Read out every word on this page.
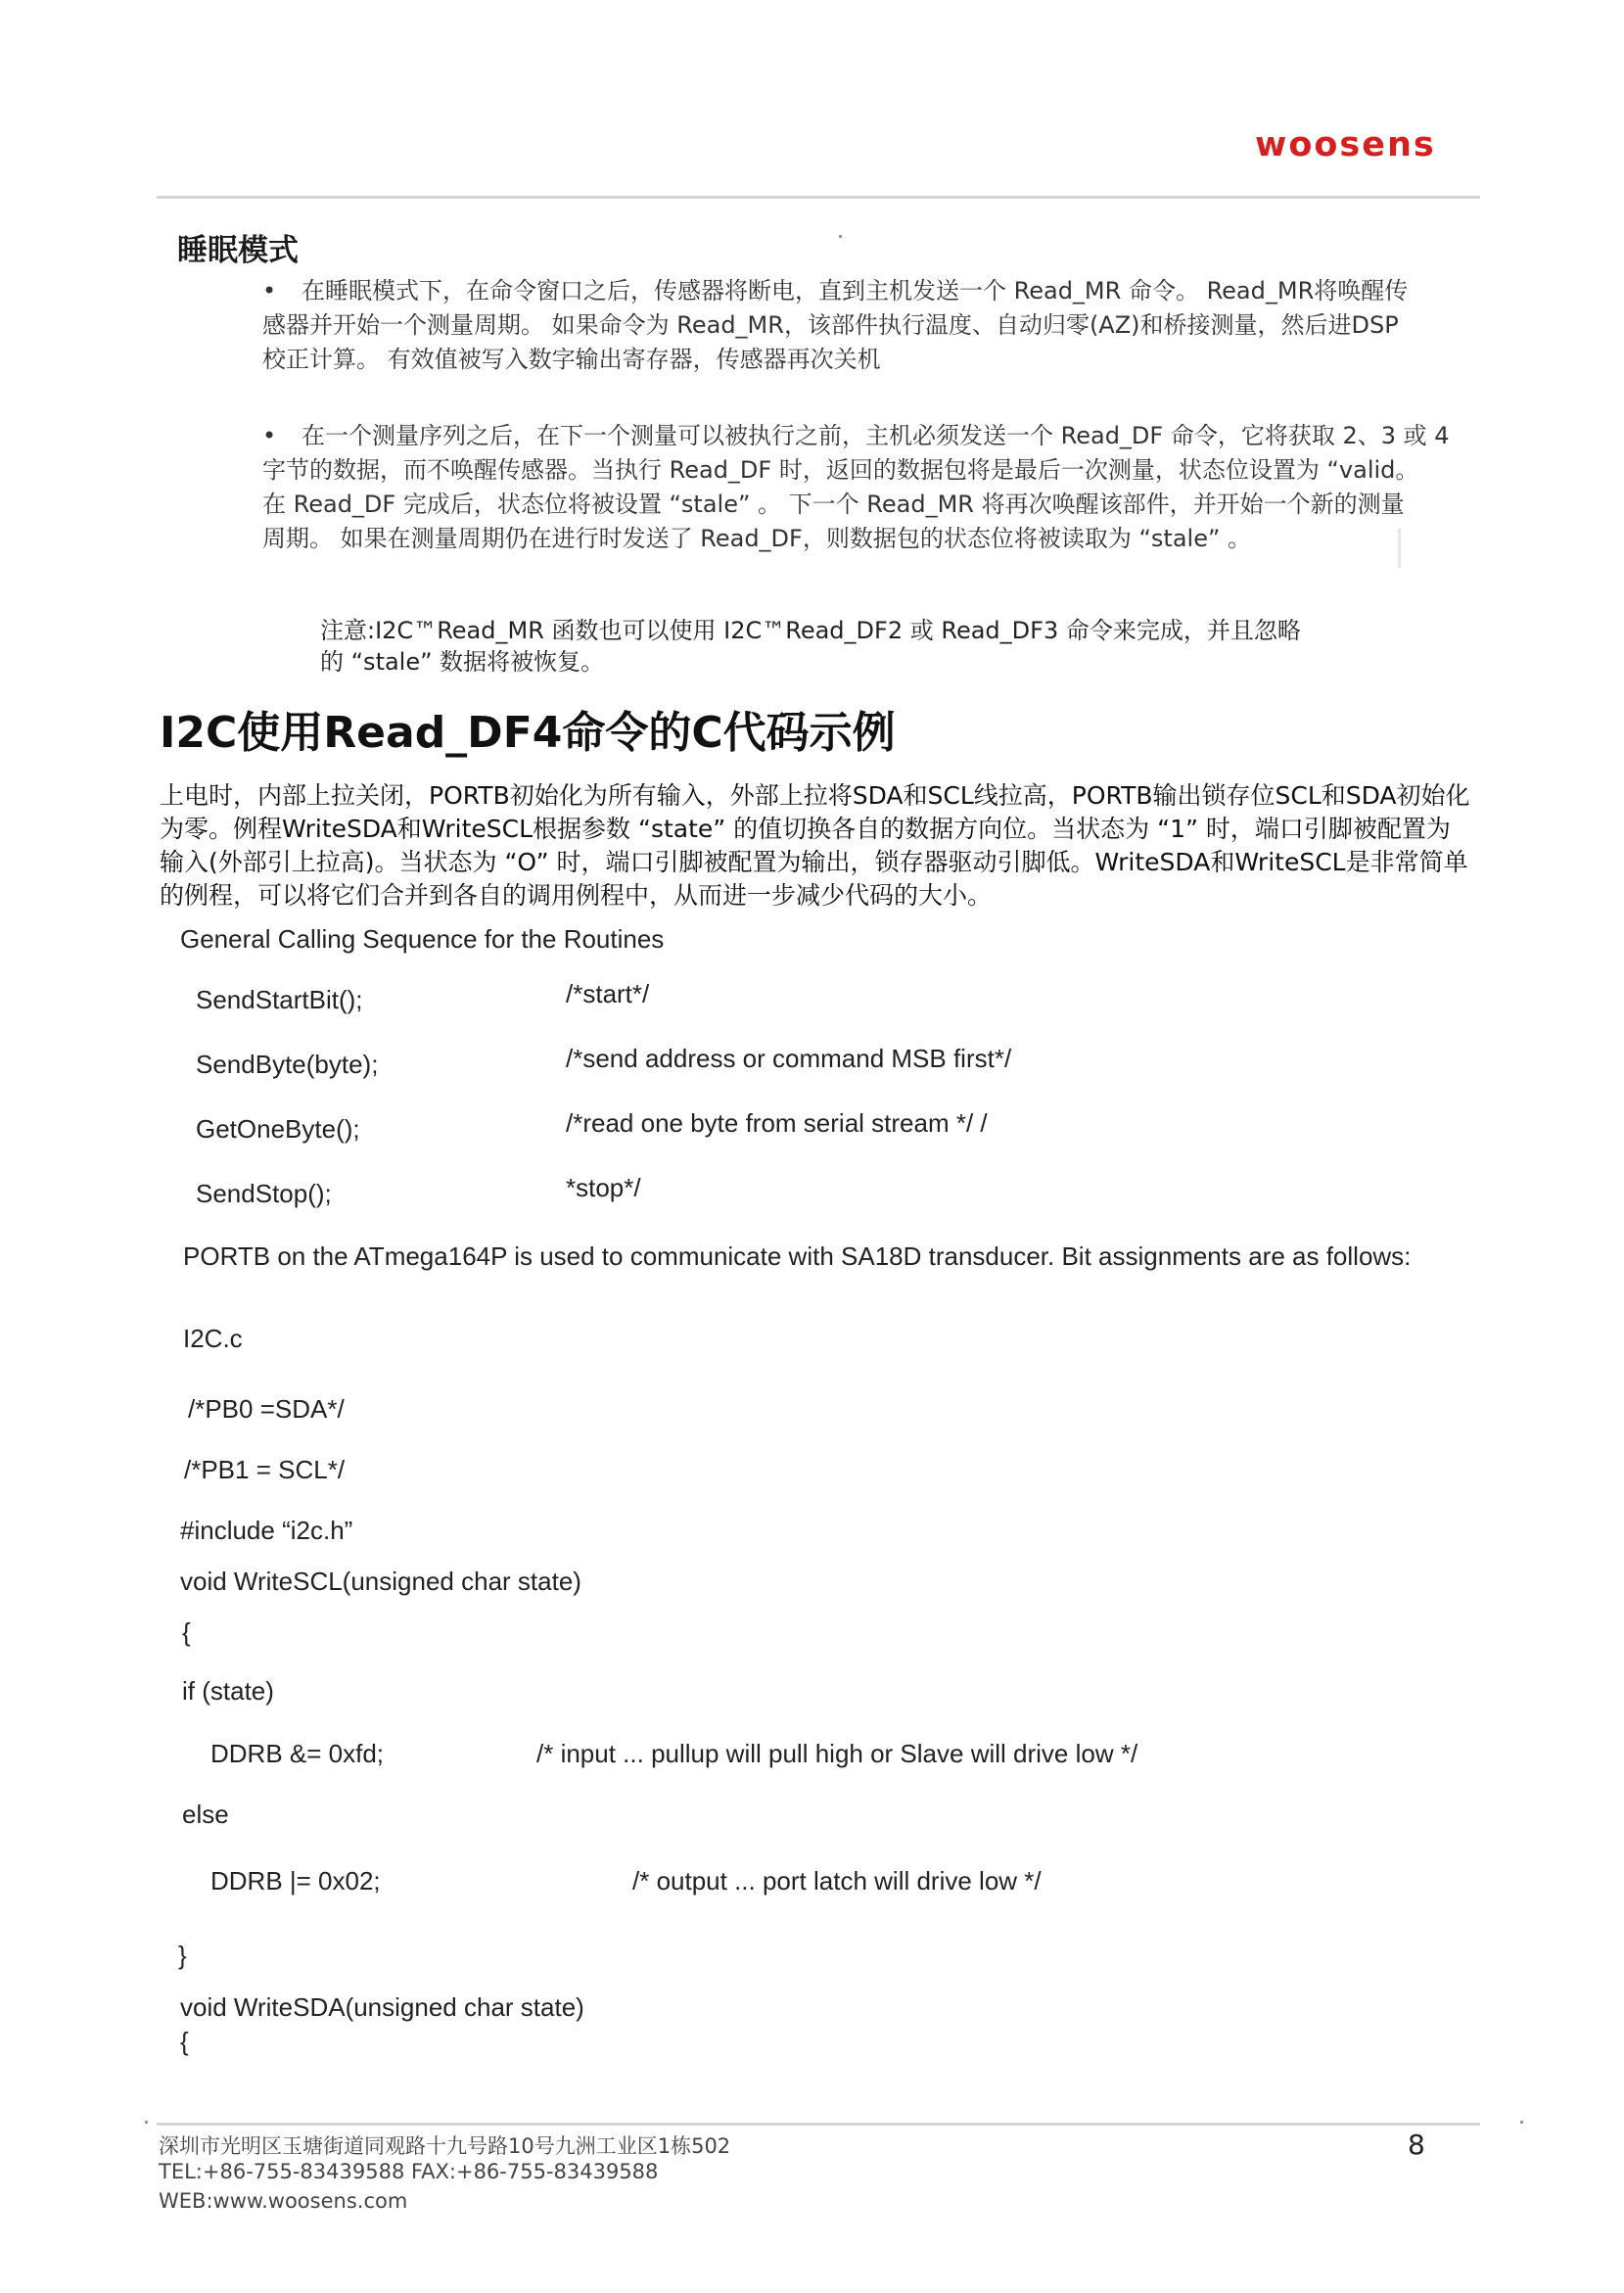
woosens
睡眠模式
• 在睡眠模式下，在命令窗口之后，传感器将断电，直到主机发送一个 Read_MR 命令。 Read_MR将唤醒传
感器并开始一个测量周期。 如果命令为 Read_MR，该部件执行温度、自动归零(AZ)和桥接测量，然后进DSP
校正计算。 有效值被写入数字输出寄存器，传感器再次关机
• 在一个测量序列之后，在下一个测量可以被执行之前，主机必须发送一个 Read_DF 命令，它将获取 2、3 或 4
字节的数据，而不唤醒传感器。当执行 Read_DF 时，返回的数据包将是最后一次测量，状态位设置为 “valid。
在 Read_DF 完成后，状态位将被设置 “stale” 。 下一个 Read_MR 将再次唤醒该部件，并开始一个新的测量
周期。 如果在测量周期仍在进行时发送了 Read_DF，则数据包的状态位将被读取为 “stale” 。
注意:I2C™Read_MR 函数也可以使用 I2C™Read_DF2 或 Read_DF3 命令来完成，并且忽略
的 “stale” 数据将被恢复。
I2C使用Read_DF4命令的C代码示例
上电时，内部上拉关闭，PORTB初始化为所有输入，外部上拉将SDA和SCL线拉高，PORTB输出锁存位SCL和SDA初始化
为零。例程WriteSDA和WriteSCL根据参数 “state” 的值切换各自的数据方向位。当状态为 “1” 时，端口引脚被配置为
输入(外部引上拉高)。当状态为 “O” 时，端口引脚被配置为输出，锁存器驱动引脚低。WriteSDA和WriteSCL是非常简单
的例程，可以将它们合并到各自的调用例程中，从而进一步减少代码的大小。
General Calling Sequence for the Routines
SendStartBit();	/*start*/
SendByte(byte);	/*send address or command MSB first*/
GetOneByte();	/*read one byte from serial stream */ /
SendStop();	*stop*/
PORTB on the ATmega164P is used to communicate with SA18D transducer. Bit assignments are as follows:
I2C.c
/*PB0 =SDA*/
/*PB1 = SCL*/
#include “i2c.h”
void WriteSCL(unsigned char state)
{
if (state)
DDRB &= 0xfd;	/* input ... pullup will pull high or Slave will drive low */
else
DDRB |= 0x02;	/* output ... port latch will drive low */
}
void WriteSDA(unsigned char state)
{
深圳市光明区玉塘街道同观路十九号路10号九洲工业区1栋502
TEL:+86-755-83439588 FAX:+86-755-83439588
WEB:www.woosens.com
8
